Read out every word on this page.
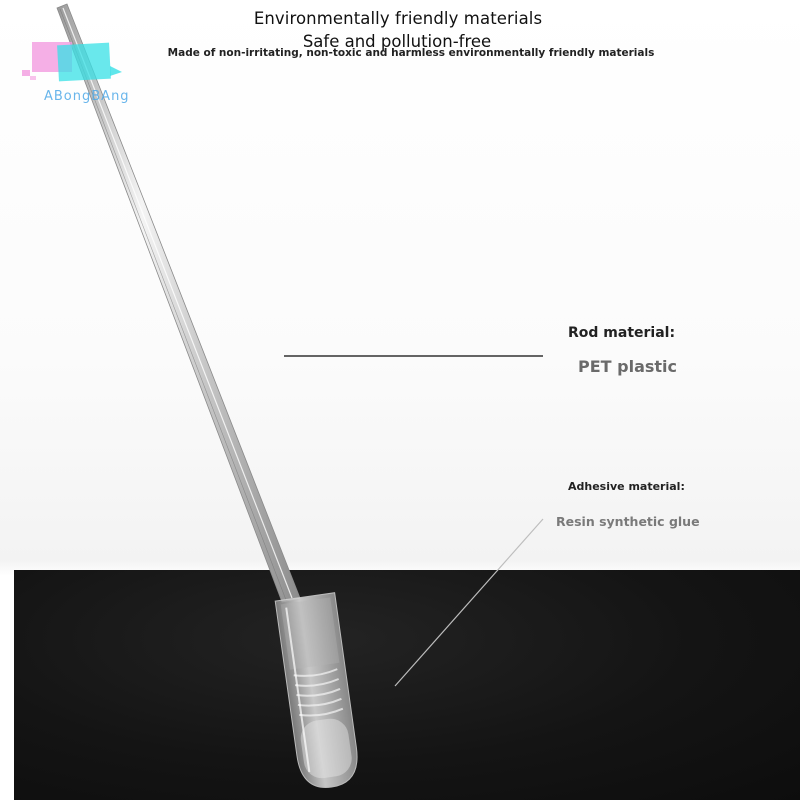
ABongBAng
Environmentally friendly materials
Safe and pollution-free
Made of non-irritating, non-toxic and harmless environmentally friendly materials
Rod material:
PET plastic
Adhesive material:
Resin synthetic glue
